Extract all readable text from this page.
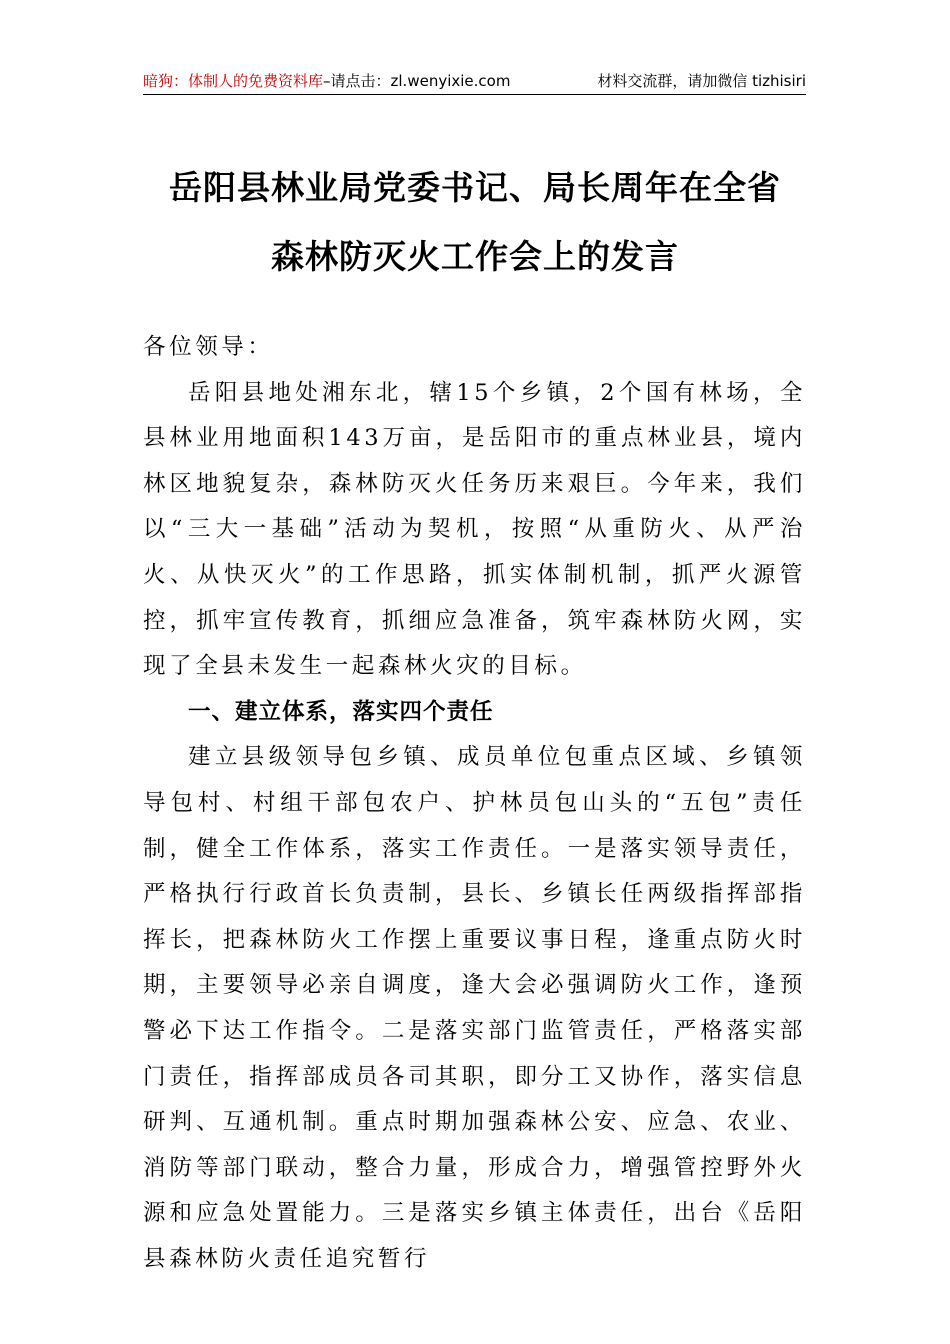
暗狗：体制人的免费资料库–请点击：zl.wenyixie.com	材料交流群，请加微信 tizhisiri
岳阳县林业局党委书记、局长周年在全省
森林防灭火工作会上的发言

各位领导：

岳阳县地处湘东北，辖15个乡镇，2个国有林场，全县林业用地面积143万亩，是岳阳市的重点林业县，境内林区地貌复杂，森林防灭火任务历来艰巨。今年来，我们以“三大一基础”活动为契机，按照“从重防火、从严治火、从快灭火”的工作思路，抓实体制机制，抓严火源管控，抓牢宣传教育，抓细应急准备，筑牢森林防火网，实现了全县未发生一起森林火灾的目标。

一、建立体系，落实四个责任

建立县级领导包乡镇、成员单位包重点区域、乡镇领导包村、村组干部包农户、护林员包山头的“五包”责任制，健全工作体系，落实工作责任。一是落实领导责任，严格执行行政首长负责制，县长、乡镇长任两级指挥部指挥长，把森林防火工作摆上重要议事日程，逢重点防火时期，主要领导必亲自调度，逢大会必强调防火工作，逢预警必下达工作指令。二是落实部门监管责任，严格落实部门责任，指挥部成员各司其职，即分工又协作，落实信息研判、互通机制。重点时期加强森林公安、应急、农业、消防等部门联动，整合力量，形成合力，增强管控野外火源和应急处置能力。三是落实乡镇主体责任，出台《岳阳县森林防火责任追究暂行
